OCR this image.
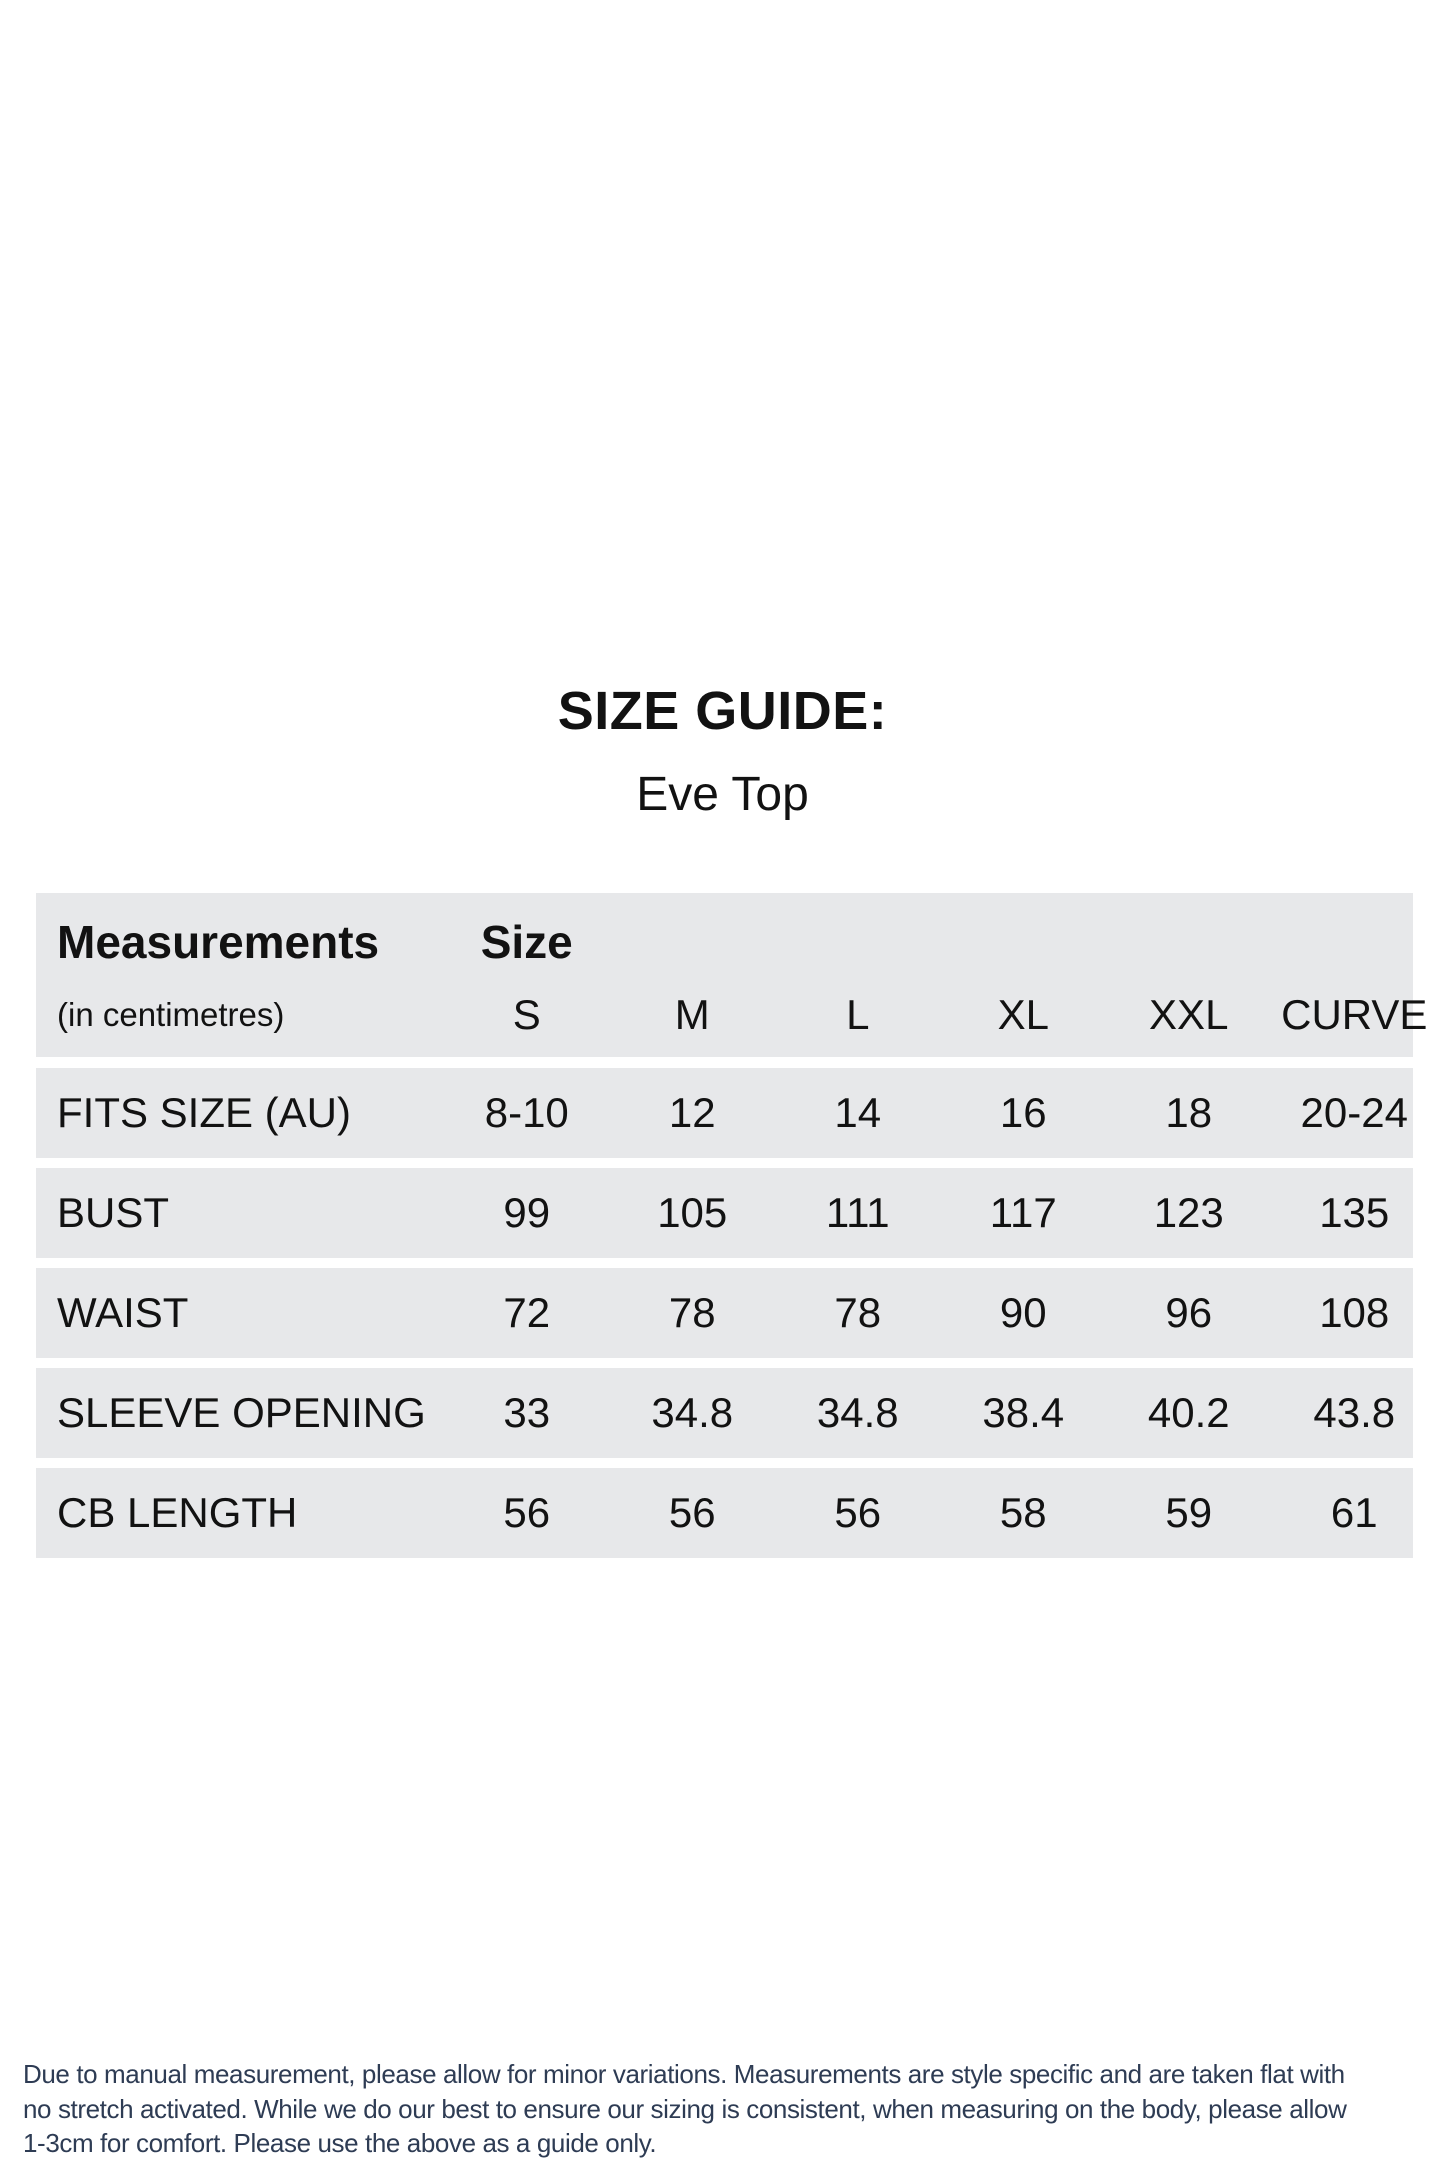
SIZE GUIDE:
Eve Top
Measurements	Size
(in centimetres)	S	M	L	XL	XXL	CURVE
FITS SIZE (AU)	8-10	12	14	16	18	20-24
BUST	99	105	111	117	123	135
WAIST	72	78	78	90	96	108
SLEEVE OPENING	33	34.8	34.8	38.4	40.2	43.8
CB LENGTH	56	56	56	58	59	61
Due to manual measurement, please allow for minor variations. Measurements are style specific and are taken flat with
no stretch activated. While we do our best to ensure our sizing is consistent, when measuring on the body, please allow
1-3cm for comfort. Please use the above as a guide only.
